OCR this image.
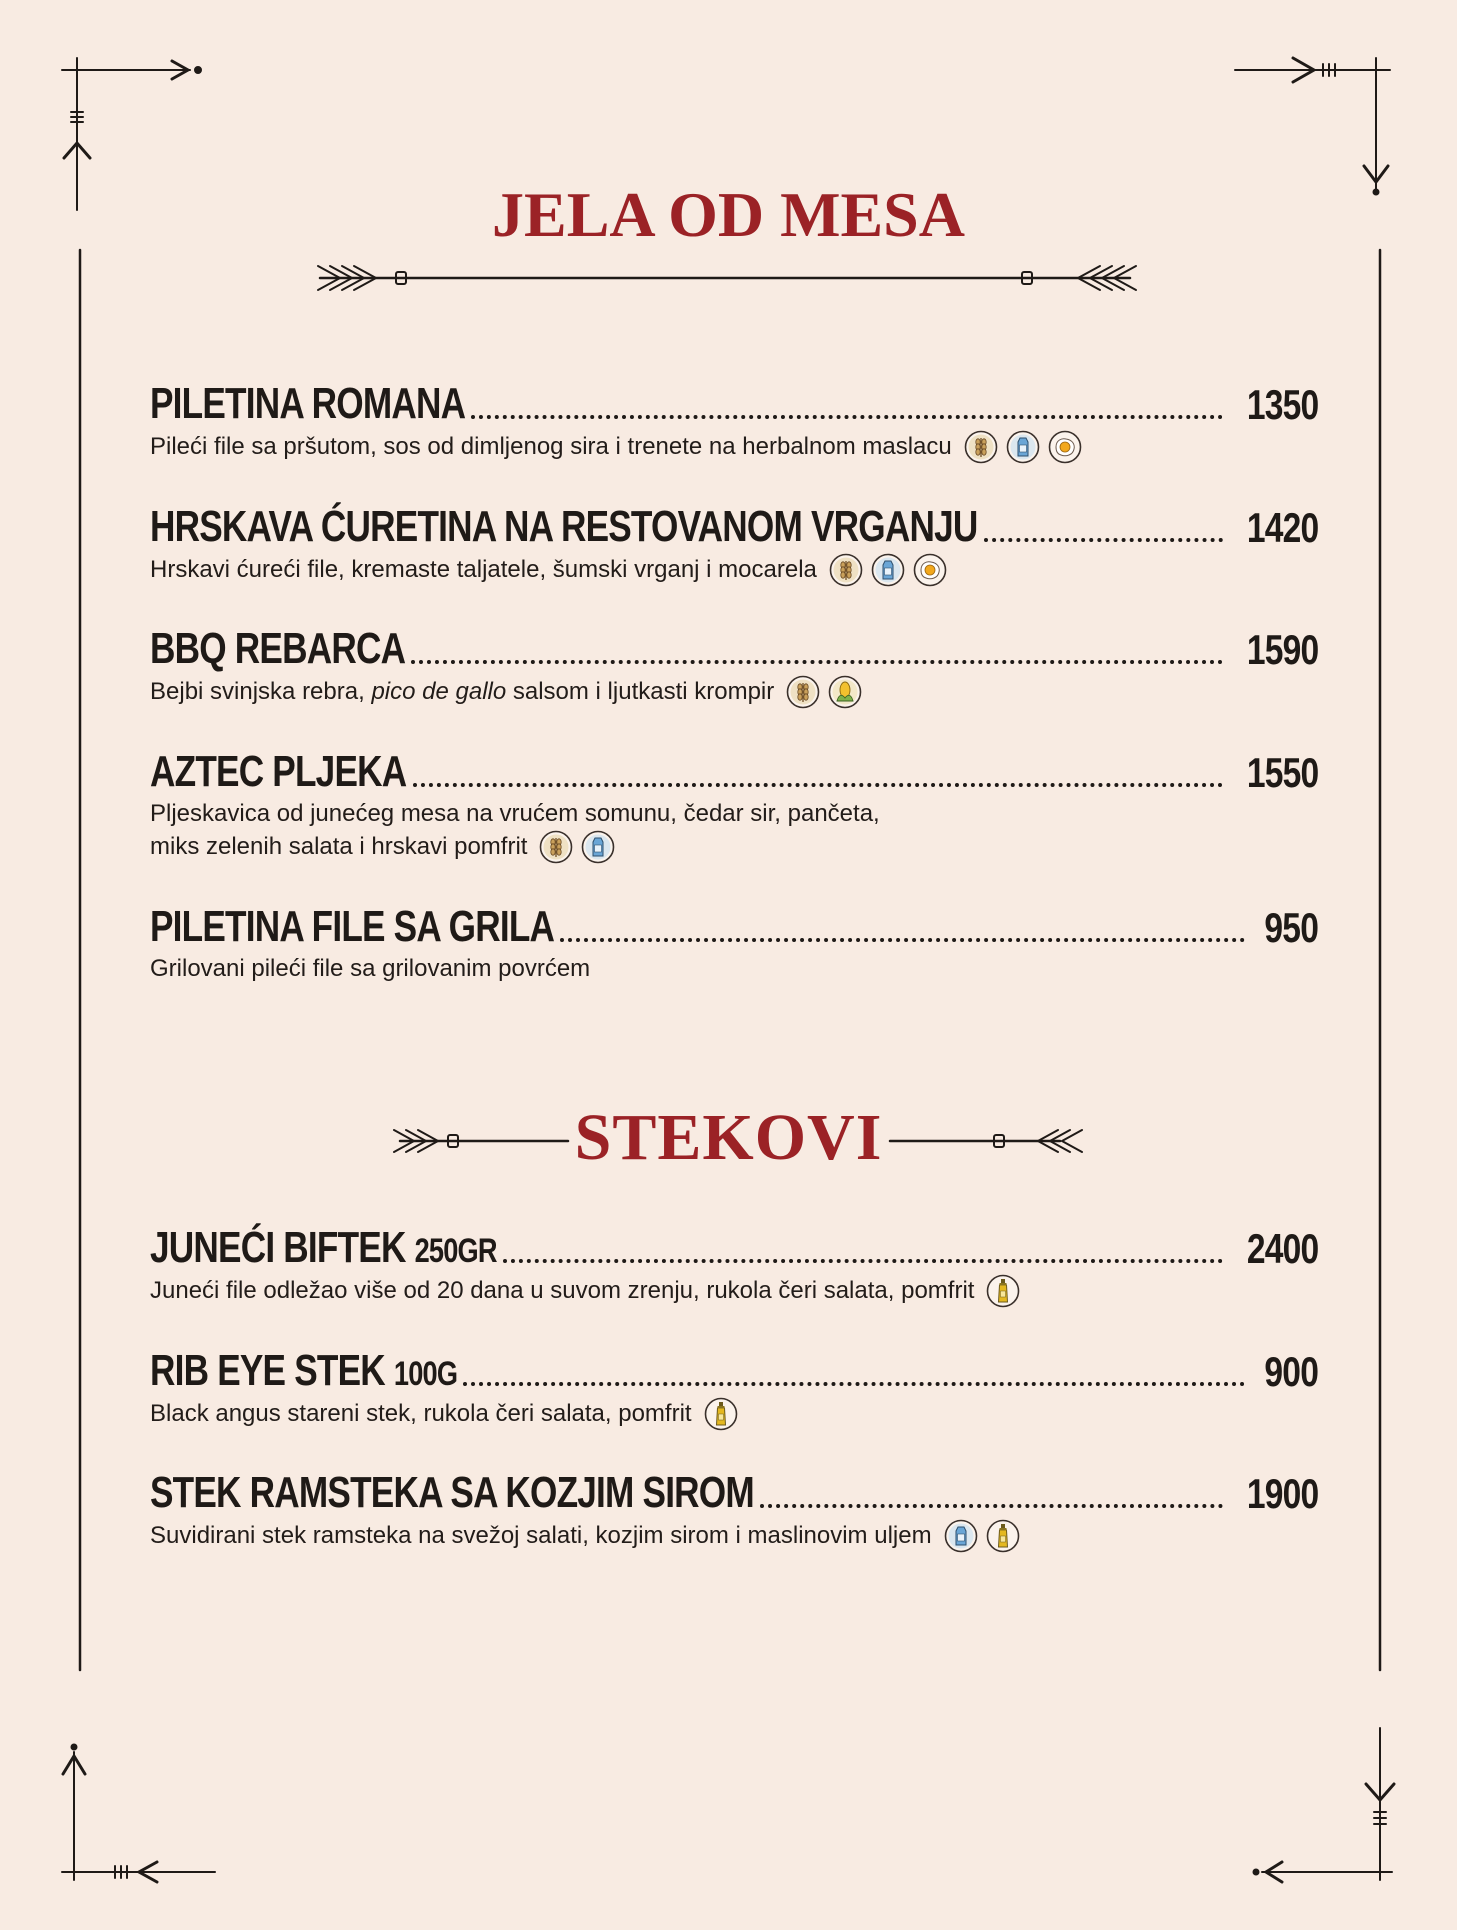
JELA OD MESA
PILETINA ROMANA	1350
Pileći file sa pršutom, sos od dimljenog sira i trenete na herbalnom maslacu
HRSKAVA ĆURETINA NA RESTOVANOM VRGANJU	1420
Hrskavi ćureći file, kremaste taljatele, šumski vrganj i mocarela
BBQ REBARCA	1590
Bejbi svinjska rebra, pico de gallo salsom i ljutkasti krompir
AZTEC PLJEKA	1550
Pljeskavica od junećeg mesa na vrućem somunu, čedar sir, pančeta,
miks zelenih salata i hrskavi pomfrit
PILETINA FILE SA GRILA	950
Grilovani pileći file sa grilovanim povrćem
STEKOVI
JUNEĆI BIFTEK 250GR	2400
Juneći file odležao više od 20 dana u suvom zrenju, rukola čeri salata, pomfrit
RIB EYE STEK 100G	900
Black angus stareni stek, rukola čeri salata, pomfrit
STEK RAMSTEKA SA KOZJIM SIROM	1900
Suvidirani stek ramsteka na svežoj salati, kozjim sirom i maslinovim uljem
